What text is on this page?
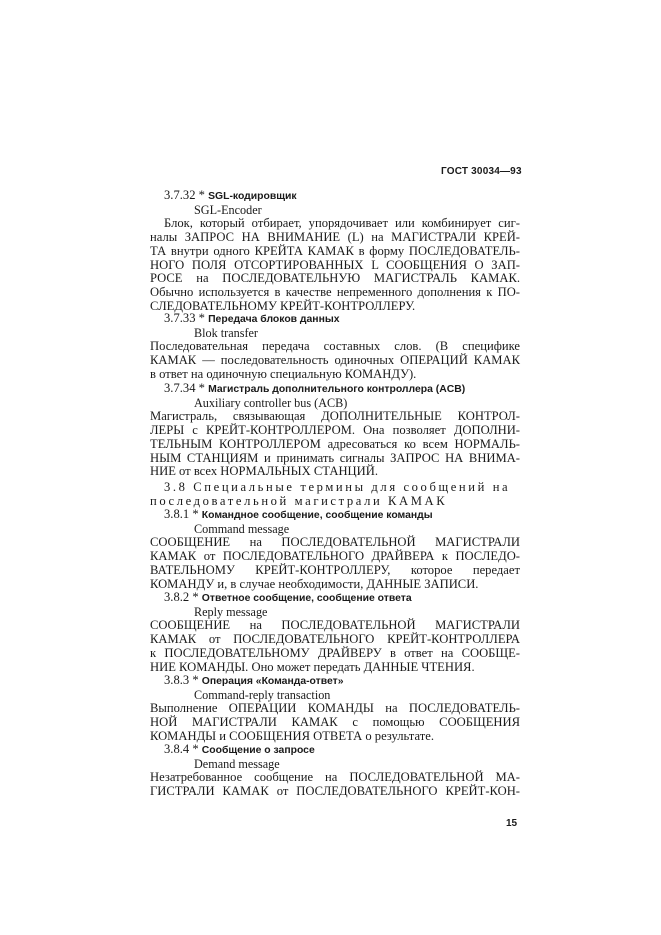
ГОСТ 30034—93
3.7.32 * SGL-кодировщик
SGL-Encoder
Блок, который отбирает, упорядочивает или комбинирует сиг-
налы ЗАПРОС НА ВНИМАНИЕ (L) на МАГИСТРАЛИ КРЕЙ-
ТА внутри одного КРЕЙТА КАМАК в форму ПОСЛЕДОВАТЕЛЬ-
НОГО ПОЛЯ ОТСОРТИРОВАННЫХ L СООБЩЕНИЯ О ЗАП-
РОСЕ на ПОСЛЕДОВАТЕЛЬНУЮ МАГИСТРАЛЬ КАМАК.
Обычно используется в качестве непременного дополнения к ПО-
СЛЕДОВАТЕЛЬНОМУ КРЕЙТ-КОНТРОЛЛЕРУ.
3.7.33 * Передача блоков данных
Blok transfer
Последовательная передача составных слов. (В специфике
КАМАК — последовательность одиночных ОПЕРАЦИЙ КАМАК
в ответ на одиночную специальную КОМАНДУ).
3.7.34 * Магистраль дополнительного контроллера (ACB)
Auxiliary controller bus (ACB)
Магистраль, связывающая ДОПОЛНИТЕЛЬНЫЕ КОНТРОЛ-
ЛЕРЫ с КРЕЙТ-КОНТРОЛЛЕРОМ. Она позволяет ДОПОЛНИ-
ТЕЛЬНЫМ КОНТРОЛЛЕРОМ адресоваться ко всем НОРМАЛЬ-
НЫМ СТАНЦИЯМ и принимать сигналы ЗАПРОС НА ВНИМА-
НИЕ от всех НОРМАЛЬНЫХ СТАНЦИЙ.
3.8 Специальные термины для сообщений на
последовательной магистрали КАМАК
3.8.1 * Командное сообщение, сообщение команды
Command message
СООБЩЕНИЕ на ПОСЛЕДОВАТЕЛЬНОЙ МАГИСТРАЛИ
КАМАК от ПОСЛЕДОВАТЕЛЬНОГО ДРАЙВЕРА к ПОСЛЕДО-
ВАТЕЛЬНОМУ КРЕЙТ-КОНТРОЛЛЕРУ, которое передает
КОМАНДУ и, в случае необходимости, ДАННЫЕ ЗАПИСИ.
3.8.2 * Ответное сообщение, сообщение ответа
Reply message
СООБЩЕНИЕ на ПОСЛЕДОВАТЕЛЬНОЙ МАГИСТРАЛИ
КАМАК от ПОСЛЕДОВАТЕЛЬНОГО КРЕЙТ-КОНТРОЛЛЕРА
к ПОСЛЕДОВАТЕЛЬНОМУ ДРАЙВЕРУ в ответ на СООБЩЕ-
НИЕ КОМАНДЫ. Оно может передать ДАННЫЕ ЧТЕНИЯ.
3.8.3 * Операция «Команда-ответ»
Command-reply transaction
Выполнение ОПЕРАЦИИ КОМАНДЫ на ПОСЛЕДОВАТЕЛЬ-
НОЙ МАГИСТРАЛИ КАМАК с помощью СООБЩЕНИЯ
КОМАНДЫ и СООБЩЕНИЯ ОТВЕТА о результате.
3.8.4 * Сообщение о запросе
Demand message
Незатребованное сообщение на ПОСЛЕДОВАТЕЛЬНОЙ МА-
ГИСТРАЛИ КАМАК от ПОСЛЕДОВАТЕЛЬНОГО КРЕЙТ-КОН-
15
